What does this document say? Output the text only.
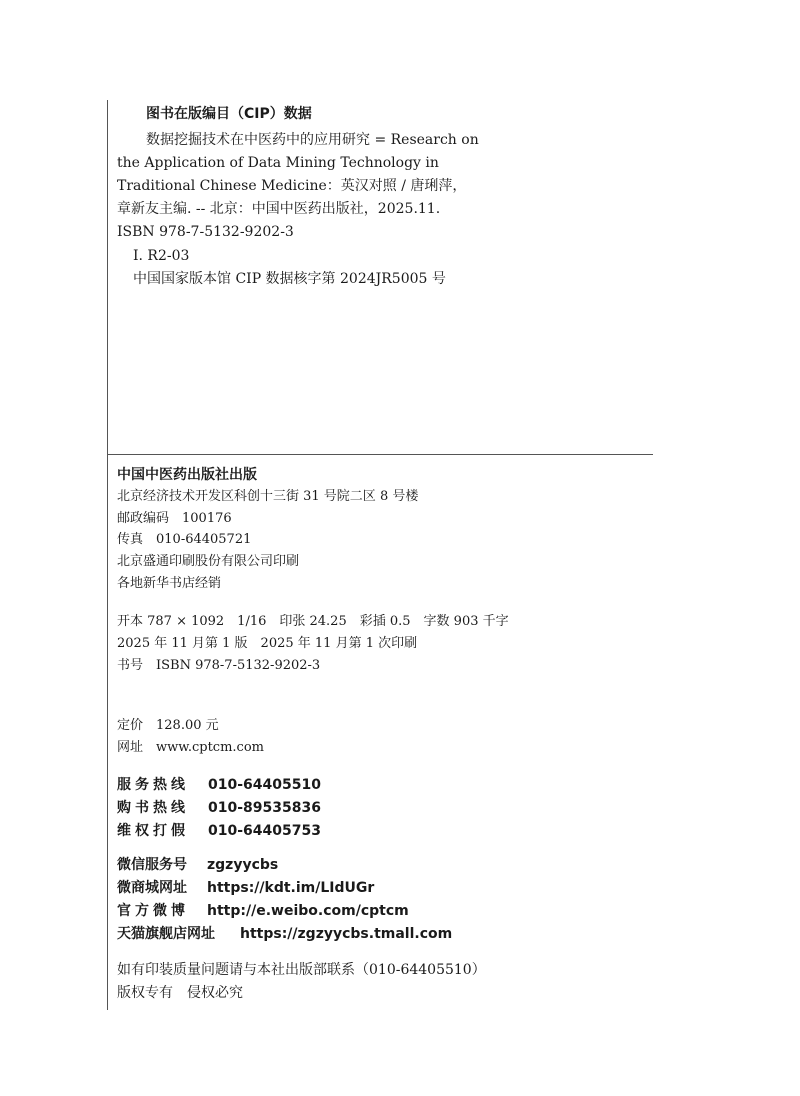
图书在版编目（CIP）数据
数据挖掘技术在中医药中的应用研究 = Research on
the Application of Data Mining Technology in
Traditional Chinese Medicine：英汉对照 / 唐琍萍，
章新友主编. -- 北京：中国中医药出版社，2025.11.
ISBN 978-7-5132-9202-3
Ⅰ. R2-03
中国国家版本馆 CIP 数据核字第 2024JR5005 号
中国中医药出版社出版
北京经济技术开发区科创十三街 31 号院二区 8 号楼
邮政编码　100176
传真　010-64405721
北京盛通印刷股份有限公司印刷
各地新华书店经销
开本 787 × 1092　1/16　印张 24.25　彩插 0.5　字数 903 千字
2025 年 11 月第 1 版　2025 年 11 月第 1 次印刷
书号　ISBN 978-7-5132-9202-3
定价　128.00 元
网址　www.cptcm.com
服务热线 010-64405510
购书热线 010-89535836
维权打假 010-64405753
微信服务号 zgzyycbs
微商城网址 https://kdt.im/LIdUGr
官方微博 http://e.weibo.com/cptcm
天猫旗舰店网址 https://zgzyycbs.tmall.com
如有印装质量问题请与本社出版部联系（010-64405510）
版权专有　侵权必究
